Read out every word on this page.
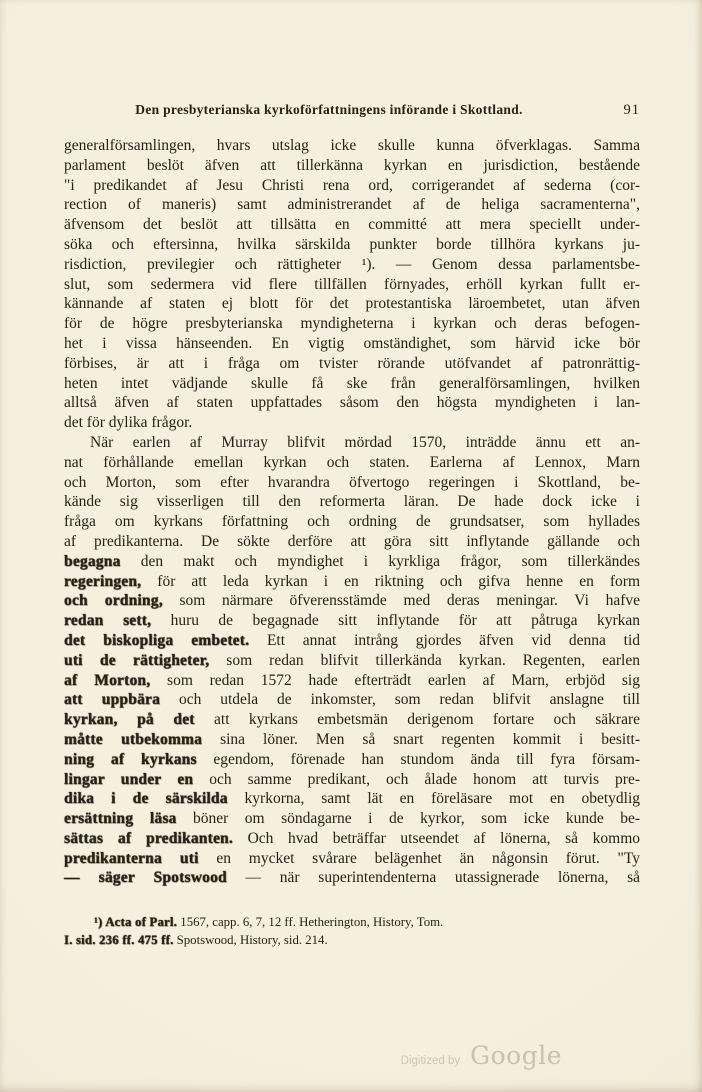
Den presbyterianska kyrkoförfattningens införande i Skottland.	91
generalförsamlingen, hvars utslag icke skulle kunna öfverklagas. Samma
parlament beslöt äfven att tillerkänna kyrkan en jurisdiction, bestående
"i predikandet af Jesu Christi rena ord, corrigerandet af sederna (cor-
rection of maneris) samt administrerandet af de heliga sacramenterna",
äfvensom det beslöt att tillsätta en committé att mera speciellt under-
söka och eftersinna, hvilka särskilda punkter borde tillhöra kyrkans ju-
risdiction, previlegier och rättigheter ¹). — Genom dessa parlamentsbe-
slut, som sedermera vid flere tillfällen förnyades, erhöll kyrkan fullt er-
kännande af staten ej blott för det protestantiska läroembetet, utan äfven
för de högre presbyterianska myndigheterna i kyrkan och deras befogen-
het i vissa hänseenden. En vigtig omständighet, som härvid icke bör
förbises, är att i fråga om tvister rörande utöfvandet af patronrättig-
heten intet vädjande skulle få ske från generalförsamlingen, hvilken
alltså äfven af staten uppfattades såsom den högsta myndigheten i lan-
det för dylika frågor.
När earlen af Murray blifvit mördad 1570, inträdde ännu ett an-
nat förhållande emellan kyrkan och staten. Earlerna af Lennox, Marn
och Morton, som efter hvarandra öfvertogo regeringen i Skottland, be-
kände sig visserligen till den reformerta läran. De hade dock icke i
fråga om kyrkans författning och ordning de grundsatser, som hyllades
af predikanterna. De sökte derföre att göra sitt inflytande gällande och
begagna den makt och myndighet i kyrkliga frågor, som tillerkändes
regeringen, för att leda kyrkan i en riktning och gifva henne en form
och ordning, som närmare öfverensstämde med deras meningar. Vi hafve
redan sett, huru de begagnade sitt inflytande för att påtruga kyrkan
det biskopliga embetet. Ett annat intrång gjordes äfven vid denna tid
uti de rättigheter, som redan blifvit tillerkända kyrkan. Regenten, earlen
af Morton, som redan 1572 hade efterträdt earlen af Marn, erbjöd sig
att uppbära och utdela de inkomster, som redan blifvit anslagne till
kyrkan, på det att kyrkans embetsmän derigenom fortare och säkrare
måtte utbekomma sina löner. Men så snart regenten kommit i besitt-
ning af kyrkans egendom, förenade han stundom ända till fyra försam-
lingar under en och samme predikant, och ålade honom att turvis pre-
dika i de särskilda kyrkorna, samt lät en föreläsare mot en obetydlig
ersättning läsa böner om söndagarne i de kyrkor, som icke kunde be-
sättas af predikanten. Och hvad beträffar utseendet af lönerna, så kommo
predikanterna uti en mycket svårare belägenhet än någonsin förut. "Ty
— säger Spotswood — när superintendenterna utassignerade lönerna, så
¹) Acta of Parl. 1567, capp. 6, 7, 12 ff. Hetherington, History, Tom.
I. sid. 236 ff. 475 ff. Spotswood, History, sid. 214.
Digitized by Google
